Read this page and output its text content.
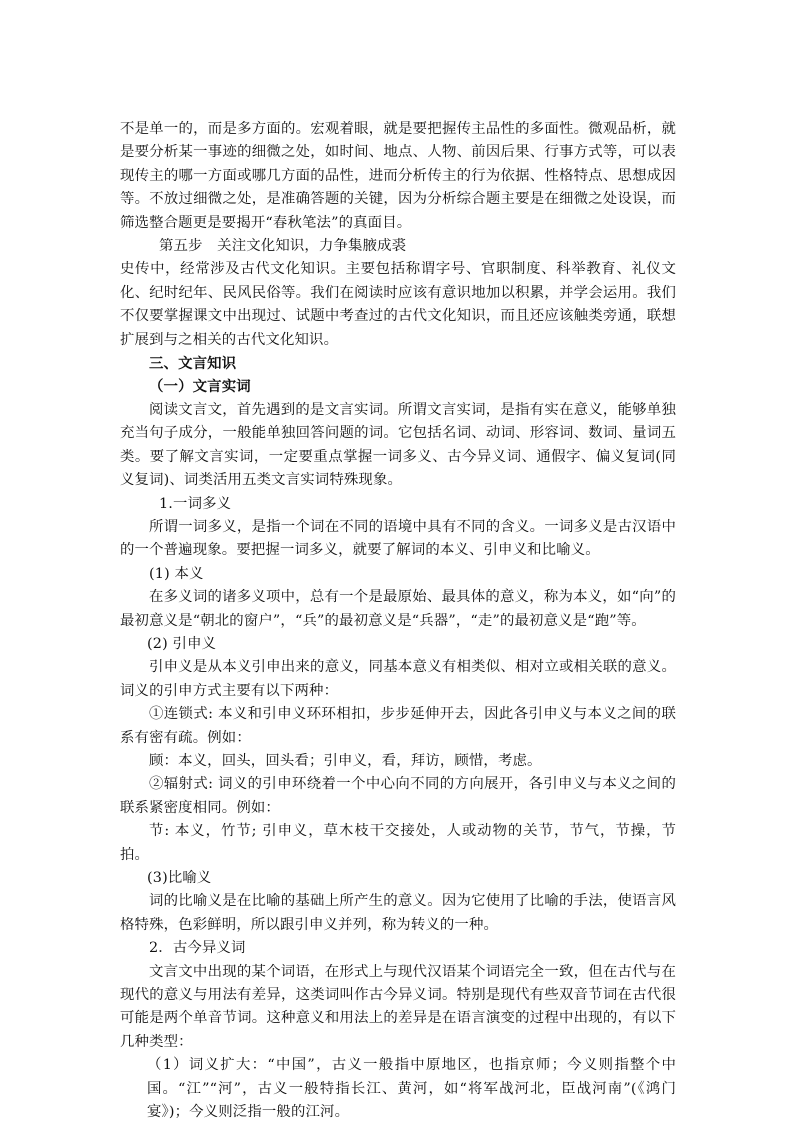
不是单一的，而是多方面的。宏观着眼，就是要把握传主品性的多面性。微观品析，就是要分析某一事迹的细微之处，如时间、地点、人物、前因后果、行事方式等，可以表现传主的哪一方面或哪几方面的品性，进而分析传主的行为依据、性格特点、思想成因等。不放过细微之处，是准确答题的关键，因为分析综合题主要是在细微之处设误，而筛选整合题更是要揭开“春秋笔法”的真面目。

第五步　关注文化知识，力争集腋成裘

史传中，经常涉及古代文化知识。主要包括称谓字号、官职制度、科举教育、礼仪文化、纪时纪年、民风民俗等。我们在阅读时应该有意识地加以积累，并学会运用。我们不仅要掌握课文中出现过、试题中考查过的古代文化知识，而且还应该触类旁通，联想扩展到与之相关的古代文化知识。

三、文言知识

（一）文言实词

阅读文言文，首先遇到的是文言实词。所谓文言实词，是指有实在意义，能够单独充当句子成分，一般能单独回答问题的词。它包括名词、动词、形容词、数词、量词五类。要了解文言实词，一定要重点掌握一词多义、古今异义词、通假字、偏义复词(同义复词)、词类活用五类文言实词特殊现象。

1.一词多义

所谓一词多义，是指一个词在不同的语境中具有不同的含义。一词多义是古汉语中的一个普遍现象。要把握一词多义，就要了解词的本义、引申义和比喻义。

(1) 本义

在多义词的诸多义项中，总有一个是最原始、最具体的意义，称为本义，如“向”的最初意义是“朝北的窗户”，“兵”的最初意义是“兵器”，“走”的最初意义是“跑”等。

(2) 引申义

引申义是从本义引申出来的意义，同基本意义有相类似、相对立或相关联的意义。词义的引申方式主要有以下两种：

①连锁式: 本义和引申义环环相扣，步步延伸开去，因此各引申义与本义之间的联系有密有疏。例如：

顾：本义，回头，回头看；引申义，看，拜访，顾惜，考虑。

②辐射式: 词义的引申环绕着一个中心向不同的方向展开，各引申义与本义之间的联系紧密度相同。例如：

节: 本义，竹节; 引申义，草木枝干交接处，人或动物的关节，节气，节操，节拍。

(3)比喻义

词的比喻义是在比喻的基础上所产生的意义。因为它使用了比喻的手法，使语言风格特殊，色彩鲜明，所以跟引申义并列，称为转义的一种。

2．古今异义词

文言文中出现的某个词语，在形式上与现代汉语某个词语完全一致，但在古代与在现代的意义与用法有差异，这类词叫作古今异义词。特别是现代有些双音节词在古代很可能是两个单音节词。这种意义和用法上的差异是在语言演变的过程中出现的，有以下几种类型：

（1）词义扩大：“中国”，古义一般指中原地区，也指京师；今义则指整个中国。“江”“河”，古义一般特指长江、黄河，如“将军战河北，臣战河南”(《鸿门宴》)；今义则泛指一般的江河。
